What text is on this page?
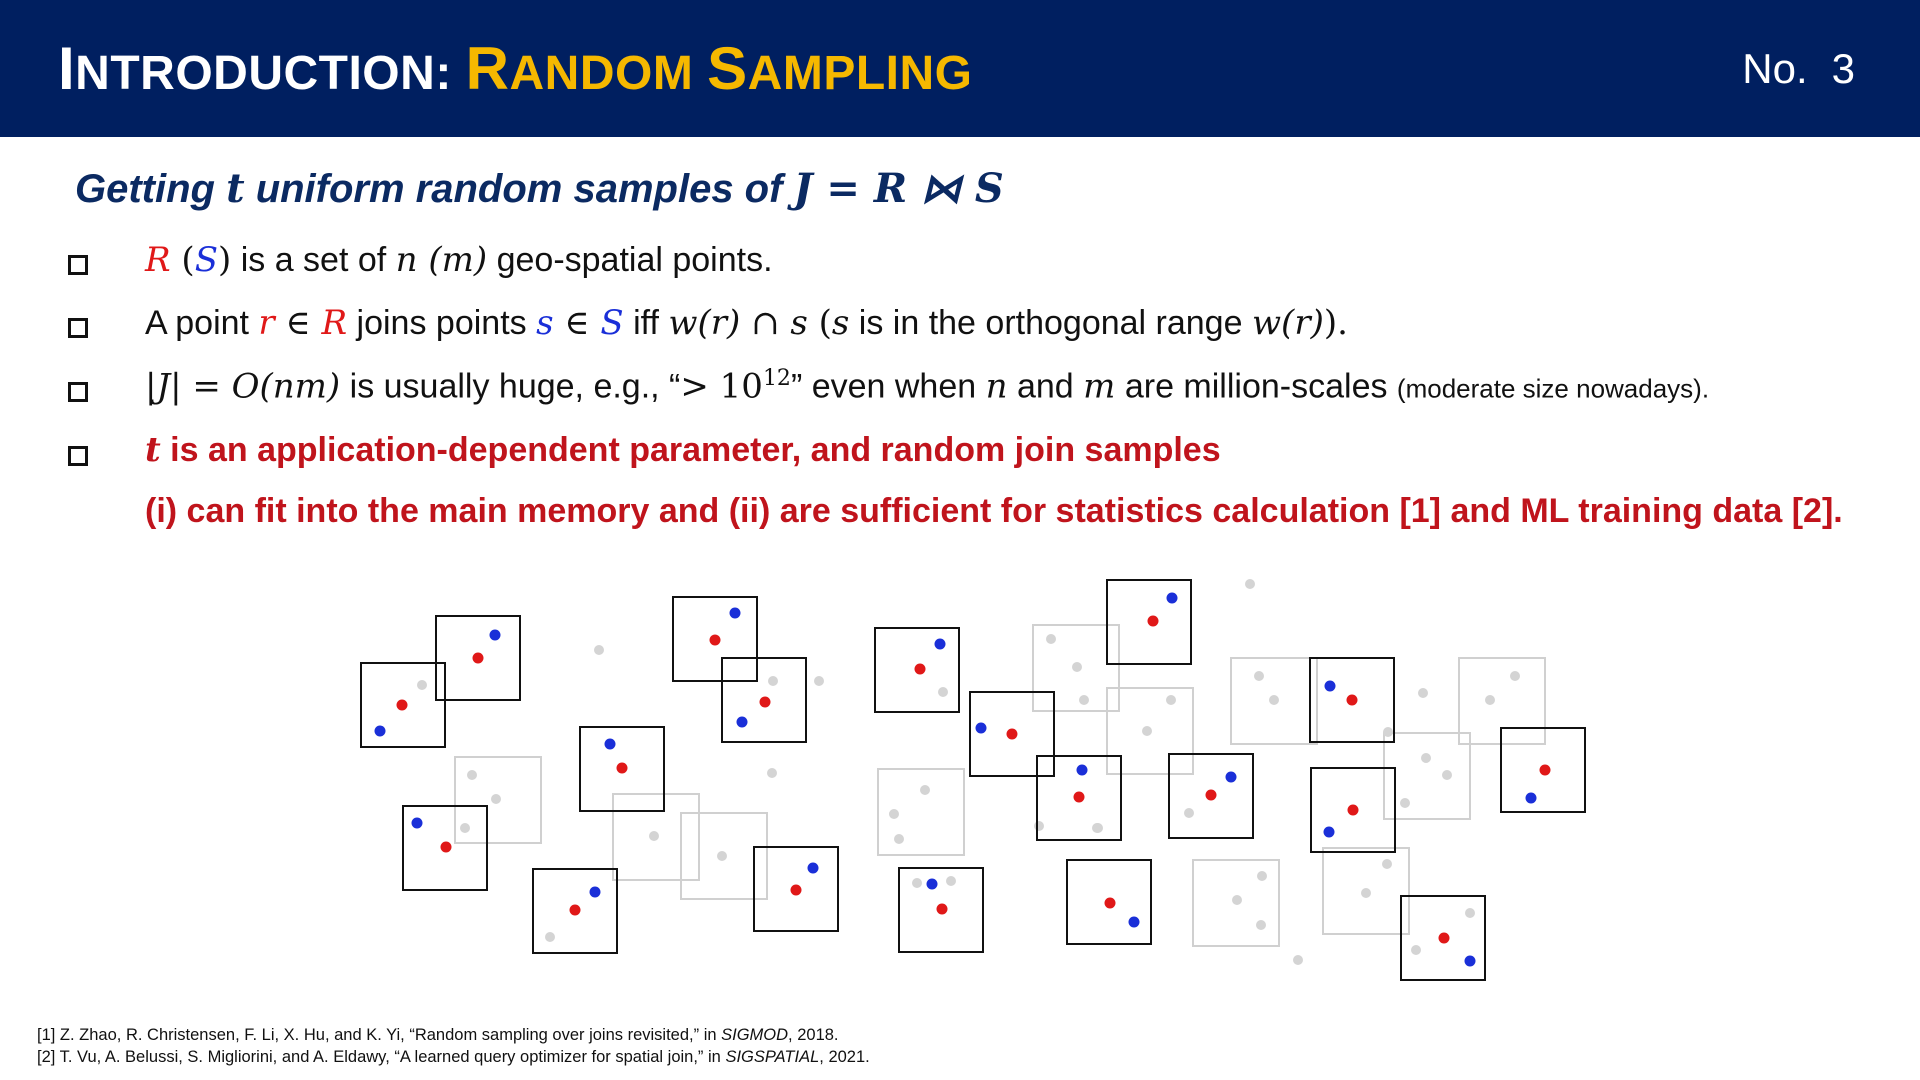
INTRODUCTION: RANDOM SAMPLING	No. 3
Getting t uniform random samples of J = R ⋈ S
R (S) is a set of n (m) geo-spatial points.
A point r ∈ R joins points s ∈ S iff w(r) ∩ s (s is in the orthogonal range w(r)).
|J| = O(nm) is usually huge, e.g., “> $10^{12}$” even when n and m are million-scales (moderate size nowadays).
t is an application-dependent parameter, and random join samples
(i) can fit into the main memory and (ii) are sufficient for statistics calculation [1] and ML training data [2].
[1] Z. Zhao, R. Christensen, F. Li, X. Hu, and K. Yi, “Random sampling over joins revisited,” in SIGMOD, 2018.
[2] T. Vu, A. Belussi, S. Migliorini, and A. Eldawy, “A learned query optimizer for spatial join,” in SIGSPATIAL, 2021.
